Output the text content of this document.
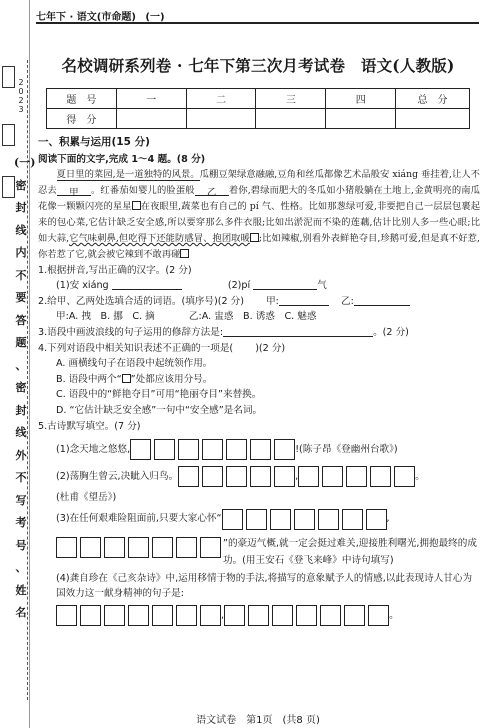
2
0
2
3
(一)
密
封
线
内
不
要
答
题
、
密
封
线
外
不
写
考
号
、
姓
名
七年下 · 语文(市命题) (一)
名校调研系列卷 · 七年下第三次月考试卷　语文(人教版)
题　号	一	二	三	四	总　分
得　分					
一、积累与运用(15 分)
阅读下面的文字,完成 1～4 题。(8 分)
夏日里的菜园,是一道独特的风景。瓜棚豆架绿意融融,豆角和丝瓜都像艺术品般安 xiáng 垂挂着,让人不忍去 甲 。红番茄如婴儿的脸蛋般 乙 着你,碧绿而肥大的冬瓜如小猪般躺在土地上,金黄明亮的南瓜花像一颗颗闪亮的星星 在夜眼里,蔬菜也有自己的 pí 气、性格。比如那葱绿可爱,非要把自己一层层包裹起来的包心菜,它估计缺乏安全感,所以要穿那么多件衣服;比如出淤泥而不染的莲藕,估计比别人多一些心眼;比如大蒜,它气味刺鼻,但吃得下还能防感冒、抱团取暖 ;比如辣椒,别看外表鲜艳夺目,珍鹅可爱,但是真不好惹,你若惹了它,就会被它辣到不敢再碰
1.根据拼音,写出正确的汉字。(2 分)
(1)安 xiáng	(2)pí	气
2.给甲、乙两处选填合适的词语。(填序号)(2 分) 甲:	乙:
甲:A. 拽　B. 挪　C. 摘	乙:A. 盅惑　B. 诱惑　C. 魅惑
3.语段中画波浪线的句子运用的修辞方法是:	。(2 分)
4.下列对语段中相关知识表述不正确的一项是( )(2 分)
A. 画横线句子在语段中起统领作用。
B. 语段中两个“ ”处都应该用分号。
C. 语段中的“鲜艳夺目”可用“艳丽夺目”来替换。
D. “它估计缺乏安全感”一句中“安全感”是名词。
5.古诗默写填空。(7 分)
(1)念天地之悠悠,	!(陈子昂《登幽州台歌》)
(2)荡胸生曾云,决眦入归鸟。	,	。
(杜甫《望岳》)
(3)在任何艰难险阻面前,只要大家心怀“	,
”的豪迈气概,就一定会挺过难关,迎接胜利曙光,拥抱最终的成功。(用王安石《登飞来峰》中诗句填写)
(4)龚自珍在《己亥杂诗》中,运用移情于物的手法,将描写的意象赋予人的情感,以此表现诗人甘心为国效力这一献身精神的句子是:
,	。
语文试卷　第1页　(共8 页)
